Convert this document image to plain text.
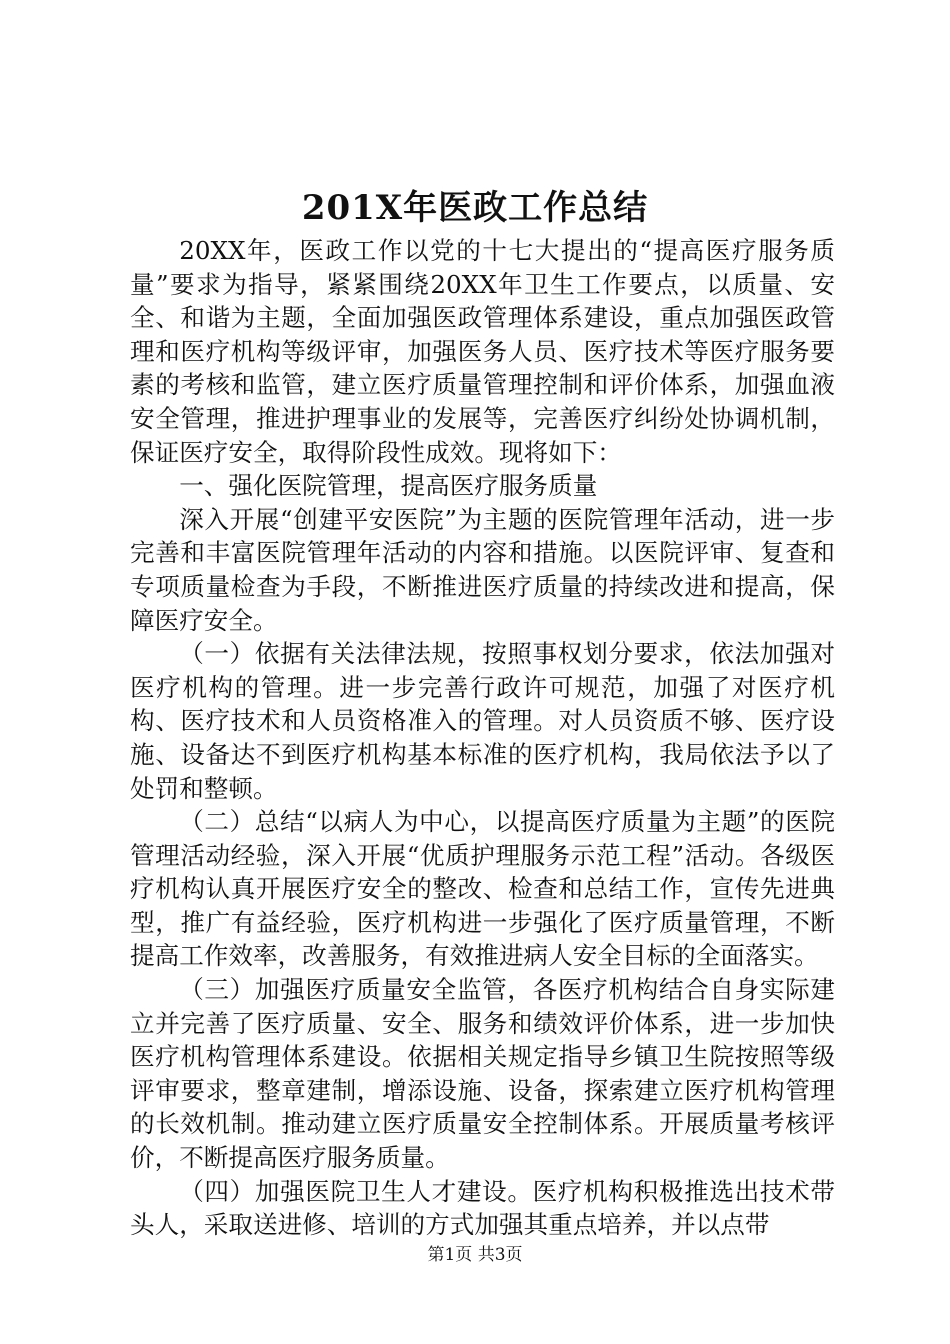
201X年医政工作总结

20XX年，医政工作以党的十七大提出的“提高医疗服务质量”要求为指导，紧紧围绕20XX年卫生工作要点，以质量、安全、和谐为主题，全面加强医政管理体系建设，重点加强医政管理和医疗机构等级评审，加强医务人员、医疗技术等医疗服务要素的考核和监管，建立医疗质量管理控制和评价体系，加强血液安全管理，推进护理事业的发展等，完善医疗纠纷处协调机制，保证医疗安全，取得阶段性成效。现将如下：

一、强化医院管理，提高医疗服务质量

深入开展“创建平安医院”为主题的医院管理年活动，进一步完善和丰富医院管理年活动的内容和措施。以医院评审、复查和专项质量检查为手段，不断推进医疗质量的持续改进和提高，保障医疗安全。

（一）依据有关法律法规，按照事权划分要求，依法加强对医疗机构的管理。进一步完善行政许可规范，加强了对医疗机构、医疗技术和人员资格准入的管理。对人员资质不够、医疗设施、设备达不到医疗机构基本标准的医疗机构，我局依法予以了处罚和整顿。

（二）总结“以病人为中心，以提高医疗质量为主题”的医院管理活动经验，深入开展“优质护理服务示范工程”活动。各级医疗机构认真开展医疗安全的整改、检查和总结工作，宣传先进典型，推广有益经验，医疗机构进一步强化了医疗质量管理，不断提高工作效率，改善服务，有效推进病人安全目标的全面落实。

（三）加强医疗质量安全监管，各医疗机构结合自身实际建立并完善了医疗质量、安全、服务和绩效评价体系，进一步加快医疗机构管理体系建设。依据相关规定指导乡镇卫生院按照等级评审要求，整章建制，增添设施、设备，探索建立医疗机构管理的长效机制。推动建立医疗质量安全控制体系。开展质量考核评价，不断提高医疗服务质量。

（四）加强医院卫生人才建设。医疗机构积极推选出技术带头人，采取送进修、培训的方式加强其重点培养，并以点带

第1页 共3页
